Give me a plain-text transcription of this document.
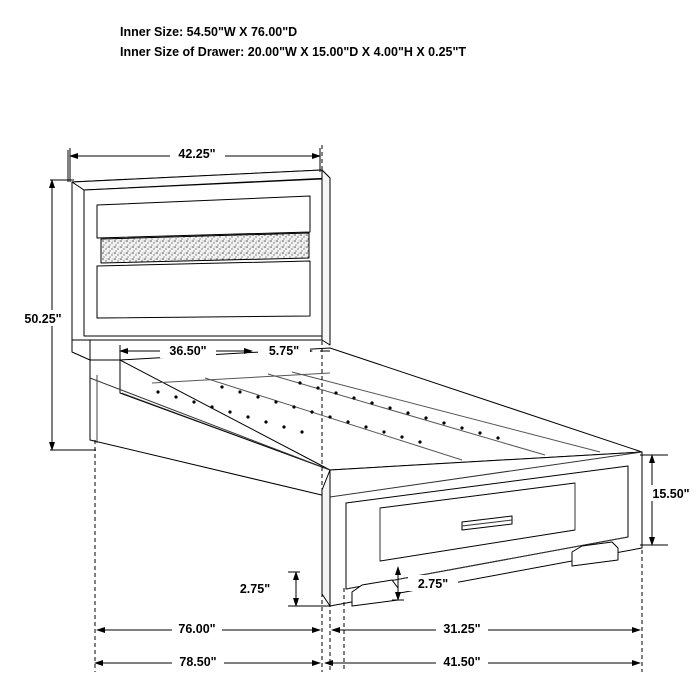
Inner Size: 54.50"W X 76.00"D
Inner Size of Drawer: 20.00"W X 15.00"D X 4.00"H X 0.25"T
42.25"
50.25"
36.50"	5.75"
15.50"
2.75"	2.75"
76.00"	31.25"
78.50"	41.50"
